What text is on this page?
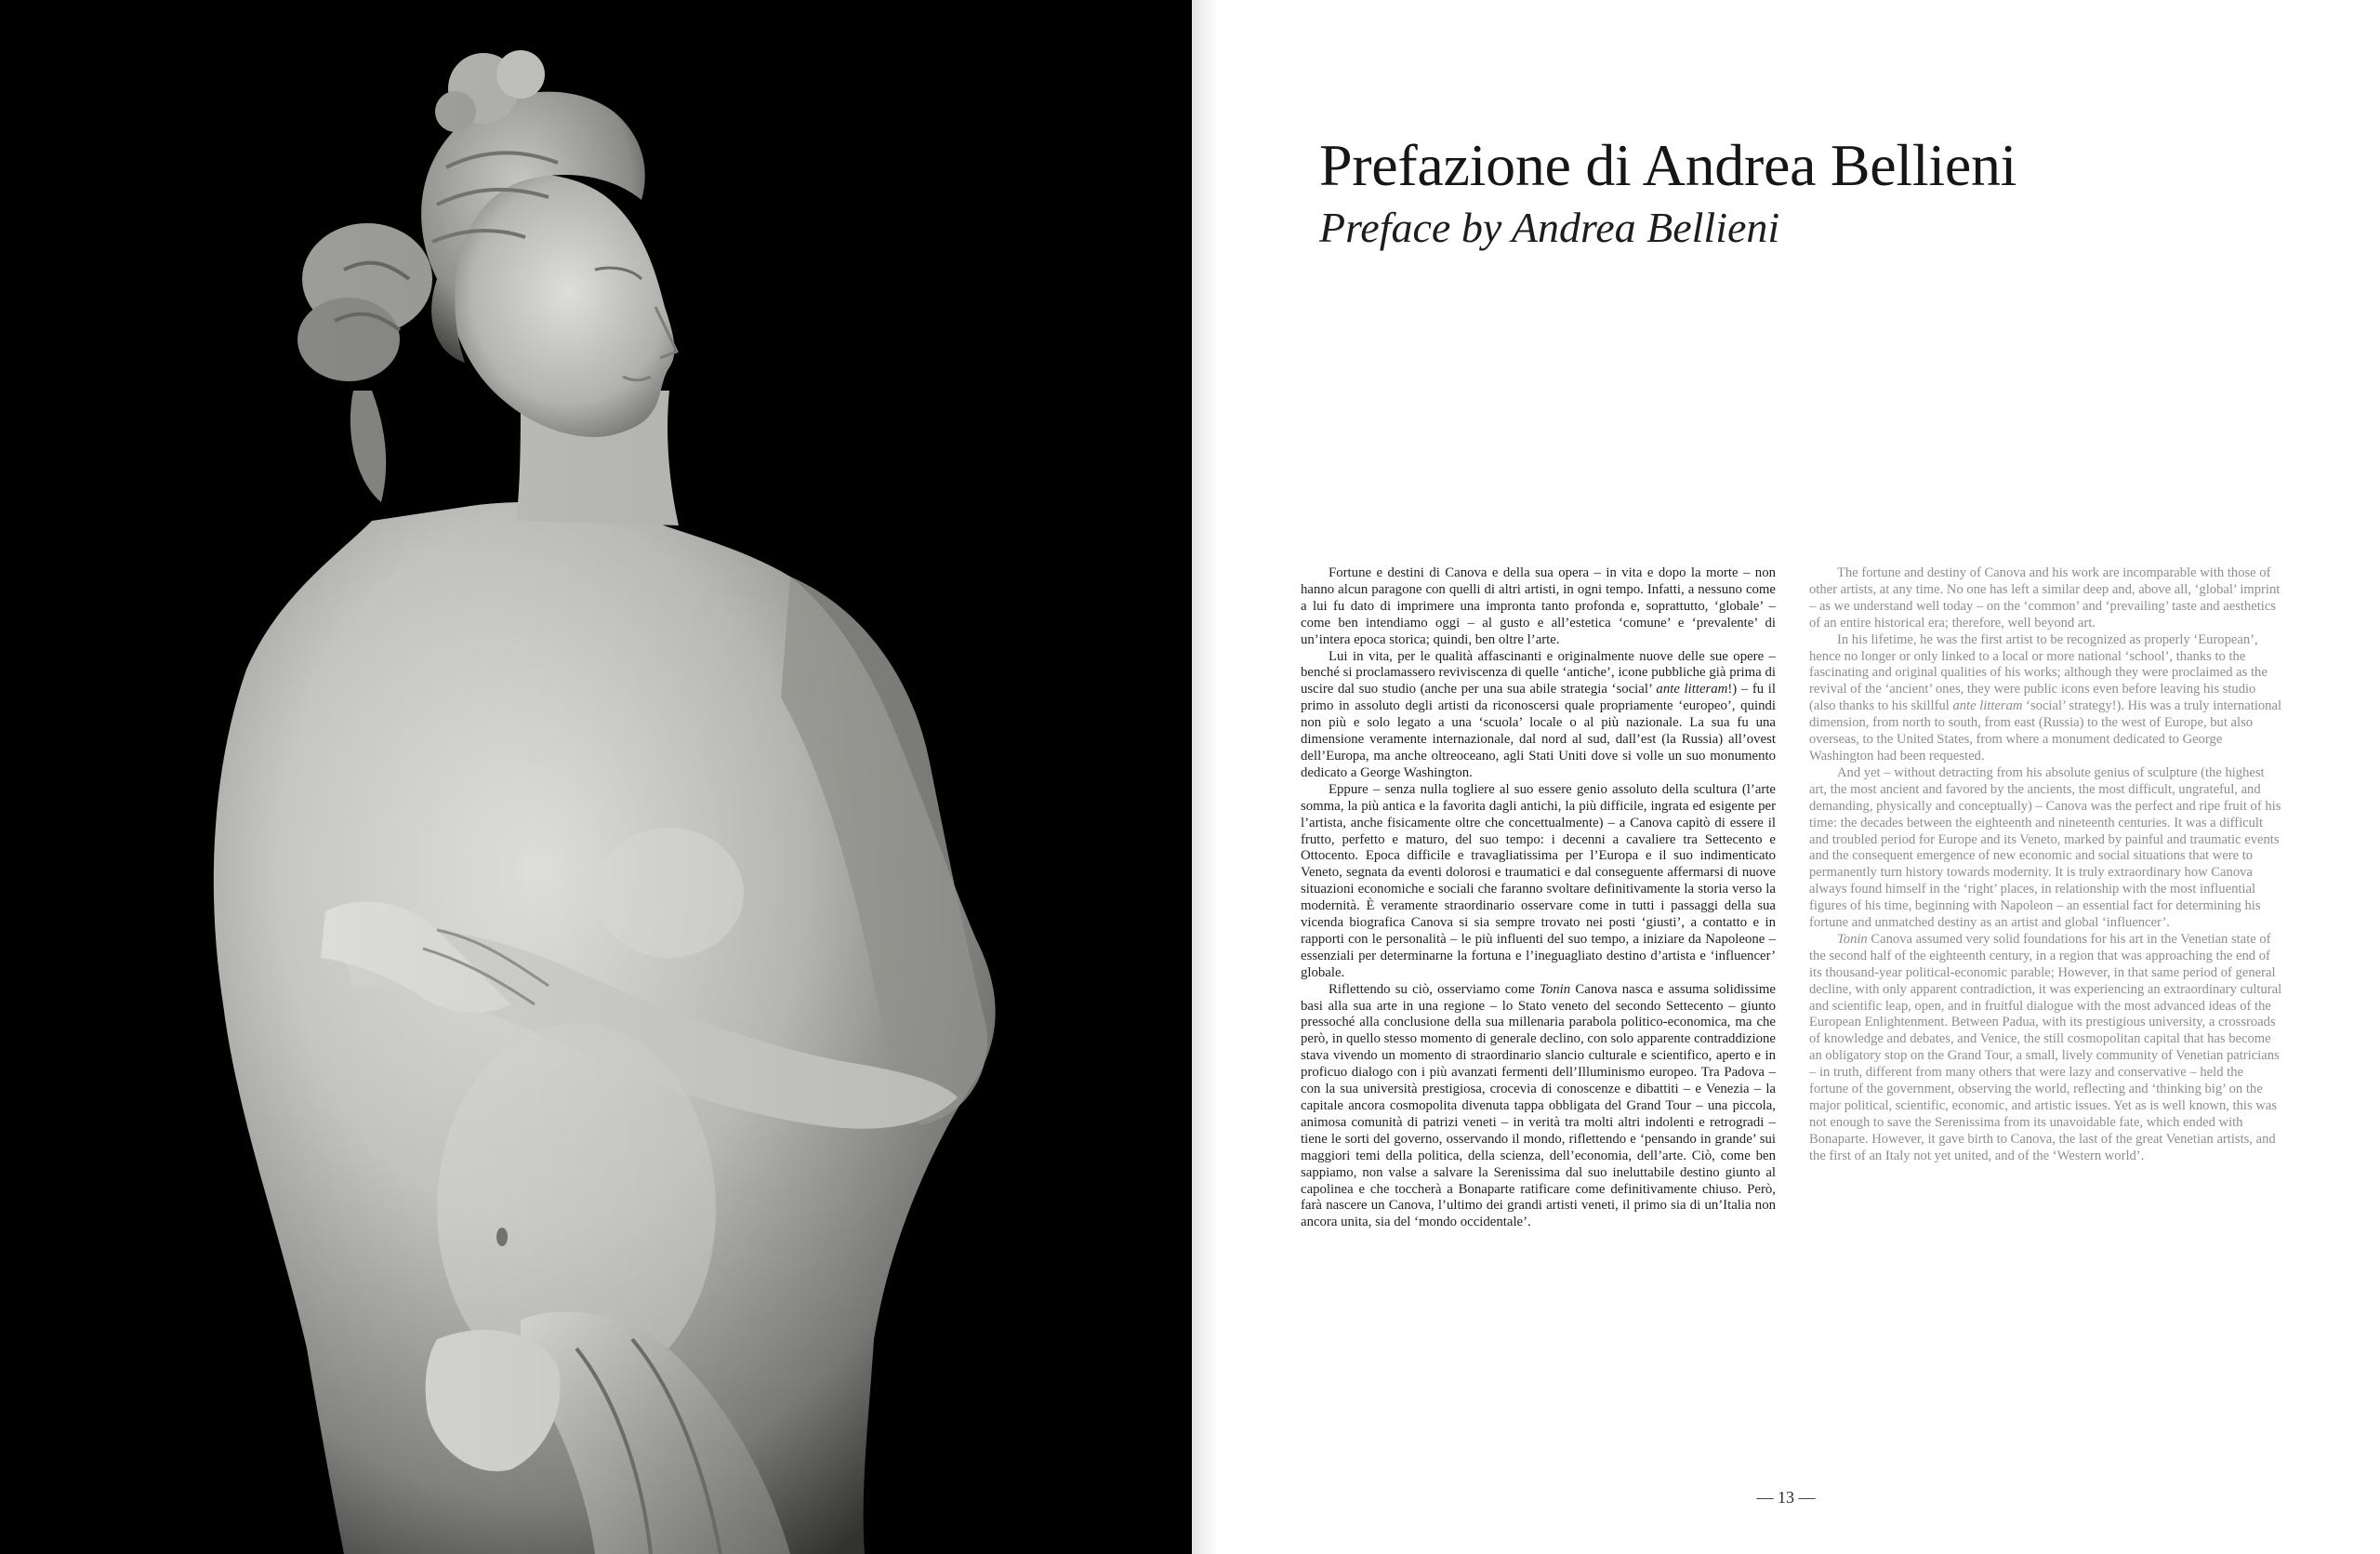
Prefazione di Andrea Bellieni
Preface by Andrea Bellieni

Fortune e destini di Canova e della sua opera – in vita e dopo la morte – non hanno alcun paragone con quelli di altri artisti, in ogni tempo. Infatti, a nessuno come a lui fu dato di imprimere una impronta tanto profonda e, soprattutto, ‘globale’ – come ben intendiamo oggi – al gusto e all’estetica ‘comune’ e ‘prevalente’ di un’intera epoca storica; quindi, ben oltre l’arte.

Lui in vita, per le qualità affascinanti e originalmente nuove delle sue opere – benché si proclamassero reviviscenza di quelle ‘antiche’, icone pubbliche già prima di uscire dal suo studio (anche per una sua abile strategia ‘social’ ante litteram!) – fu il primo in assoluto degli artisti da riconoscersi quale propriamente ‘europeo’, quindi non più e solo legato a una ‘scuola’ locale o al più nazionale. La sua fu una dimensione veramente internazionale, dal nord al sud, dall’est (la Russia) all’ovest dell’Europa, ma anche oltreoceano, agli Stati Uniti dove si volle un suo monumento dedicato a George Washington.

Eppure – senza nulla togliere al suo essere genio assoluto della scultura (l’arte somma, la più antica e la favorita dagli antichi, la più difficile, ingrata ed esigente per l’artista, anche fisicamente oltre che concettualmente) – a Canova capitò di essere il frutto, perfetto e maturo, del suo tempo: i decenni a cavaliere tra Settecento e Ottocento. Epoca difficile e travagliatissima per l’Europa e il suo indimenticato Veneto, segnata da eventi dolorosi e traumatici e dal conseguente affermarsi di nuove situazioni economiche e sociali che faranno svoltare definitivamente la storia verso la modernità. È veramente straordinario osservare come in tutti i passaggi della sua vicenda biografica Canova si sia sempre trovato nei posti ‘giusti’, a contatto e in rapporti con le personalità – le più influenti del suo tempo, a iniziare da Napoleone – essenziali per determinarne la fortuna e l’ineguagliato destino d’artista e ‘influencer’ globale.

Riflettendo su ciò, osserviamo come Tonin Canova nasca e assuma solidissime basi alla sua arte in una regione – lo Stato veneto del secondo Settecento – giunto pressoché alla conclusione della sua millenaria parabola politico-economica, ma che però, in quello stesso momento di generale declino, con solo apparente contraddizione stava vivendo un momento di straordinario slancio culturale e scientifico, aperto e in proficuo dialogo con i più avanzati fermenti dell’Illuminismo europeo. Tra Padova – con la sua università prestigiosa, crocevia di conoscenze e dibattiti – e Venezia – la capitale ancora cosmopolita divenuta tappa obbligata del Grand Tour – una piccola, animosa comunità di patrizi veneti – in verità tra molti altri indolenti e retrogradi – tiene le sorti del governo, osservando il mondo, riflettendo e ‘pensando in grande’ sui maggiori temi della politica, della scienza, dell’economia, dell’arte. Ciò, come ben sappiamo, non valse a salvare la Serenissima dal suo ineluttabile destino giunto al capolinea e che toccherà a Bonaparte ratificare come definitivamente chiuso. Però, farà nascere un Canova, l’ultimo dei grandi artisti veneti, il primo sia di un’Italia non ancora unita, sia del ‘mondo occidentale’.

The fortune and destiny of Canova and his work are incomparable with those of other artists, at any time. No one has left a similar deep and, above all, ‘global’ imprint – as we understand well today – on the ‘common’ and ‘prevailing’ taste and aesthetics of an entire historical era; therefore, well beyond art.

In his lifetime, he was the first artist to be recognized as properly ‘European’, hence no longer or only linked to a local or more national ‘school’, thanks to the fascinating and original qualities of his works; although they were proclaimed as the revival of the ‘ancient’ ones, they were public icons even before leaving his studio (also thanks to his skillful ante litteram ‘social’ strategy!). His was a truly international dimension, from north to south, from east (Russia) to the west of Europe, but also overseas, to the United States, from where a monument dedicated to George Washington had been requested.

And yet – without detracting from his absolute genius of sculpture (the highest art, the most ancient and favored by the ancients, the most difficult, ungrateful, and demanding, physically and conceptually) – Canova was the perfect and ripe fruit of his time: the decades between the eighteenth and nineteenth centuries. It was a difficult and troubled period for Europe and its Veneto, marked by painful and traumatic events and the consequent emergence of new economic and social situations that were to permanently turn history towards modernity. It is truly extraordinary how Canova always found himself in the ‘right’ places, in relationship with the most influential figures of his time, beginning with Napoleon – an essential fact for determining his fortune and unmatched destiny as an artist and global ‘influencer’.

Tonin Canova assumed very solid foundations for his art in the Venetian state of the second half of the eighteenth century, in a region that was approaching the end of its thousand-year political-economic parable; However, in that same period of general decline, with only apparent contradiction, it was experiencing an extraordinary cultural and scientific leap, open, and in fruitful dialogue with the most advanced ideas of the European Enlightenment. Between Padua, with its prestigious university, a crossroads of knowledge and debates, and Venice, the still cosmopolitan capital that has become an obligatory stop on the Grand Tour, a small, lively community of Venetian patricians – in truth, different from many others that were lazy and conservative – held the fortune of the government, observing the world, reflecting and ‘thinking big’ on the major political, scientific, economic, and artistic issues. Yet as is well known, this was not enough to save the Serenissima from its unavoidable fate, which ended with Bonaparte. However, it gave birth to Canova, the last of the great Venetian artists, and the first of an Italy not yet united, and of the ‘Western world’.

— 13 —
